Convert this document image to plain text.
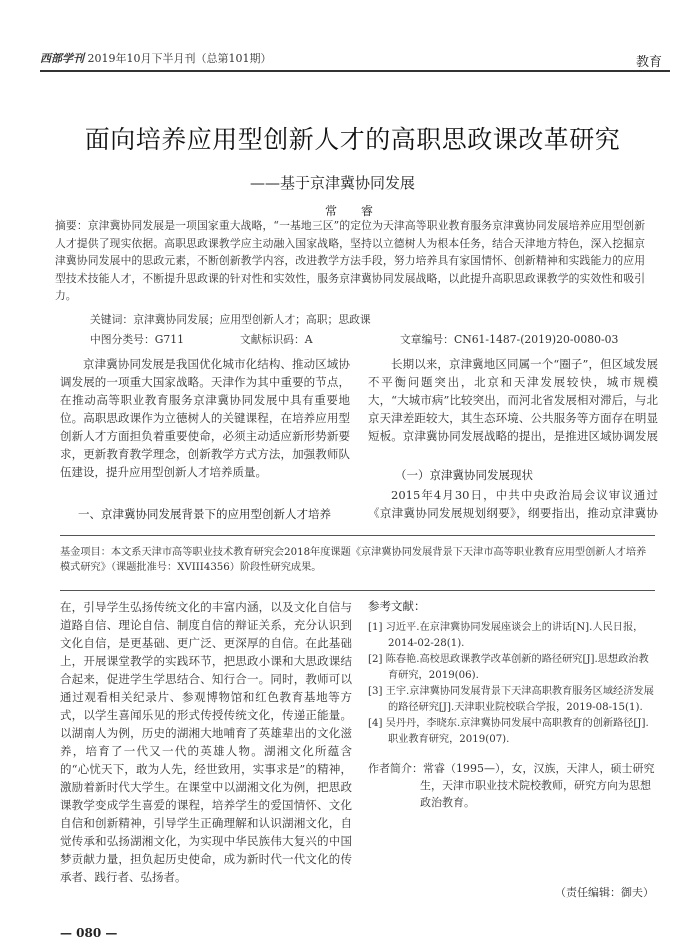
西部学刊 2019年10月下半月刊（总第101期）	教育
面向培养应用型创新人才的高职思政课改革研究
——基于京津冀协同发展
常 睿
摘要：京津冀协同发展是一项国家重大战略，“一基地三区”的定位为天津高等职业教育服务京津冀协同发展培养应用型创新人才提供了现实依据。高职思政课教学应主动融入国家战略，坚持以立德树人为根本任务，结合天津地方特色，深入挖掘京津冀协同发展中的思政元素，不断创新教学内容，改进教学方法手段，努力培养具有家国情怀、创新精神和实践能力的应用型技术技能人才，不断提升思政课的针对性和实效性，服务京津冀协同发展战略，以此提升高职思政课教学的实效性和吸引力。
关键词：京津冀协同发展；应用型创新人才；高职；思政课
中图分类号：G711	文献标识码：A	文章编号：CN61-1487-(2019)20-0080-03
京津冀协同发展是我国优化城市化结构、推动区域协调发展的一项重大国家战略。天津作为其中重要的节点，在推动高等职业教育服务京津冀协同发展中具有重要地位。高职思政课作为立德树人的关键课程，在培养应用型创新人才方面担负着重要使命，必须主动适应新形势新要求，更新教育教学理念，创新教学方式方法，加强教师队伍建设，提升应用型创新人才培养质量。
一、京津冀协同发展背景下的应用型创新人才培养
长期以来，京津冀地区同属一个“圈子”，但区域发展不平衡问题突出，北京和天津发展较快，城市规模大，“大城市病”比较突出，而河北省发展相对滞后，与北京天津差距较大，其生态环境、公共服务等方面存在明显短板。京津冀协同发展战略的提出，是推进区域协调发展
（一）京津冀协同发展现状
2015年4月30日，中共中央政治局会议审议通过《京津冀协同发展规划纲要》，纲要指出，推动京津冀协
基金项目：本文系天津市高等职业技术教育研究会2018年度课题《京津冀协同发展背景下天津市高等职业教育应用型创新人才培养模式研究》（课题批准号：XVIII4356）阶段性研究成果。
在，引导学生弘扬传统文化的丰富内涵，以及文化自信与道路自信、理论自信、制度自信的辩证关系，充分认识到文化自信，是更基础、更广泛、更深厚的自信。在此基础上，开展课堂教学的实践环节，把思政小课和大思政课结合起来，促进学生学思结合、知行合一。同时，教师可以通过观看相关纪录片、参观博物馆和红色教育基地等方式，以学生喜闻乐见的形式传授传统文化，传递正能量。以湖南人为例，历史的湖湘大地哺育了英雄辈出的文化滋养，培育了一代又一代的英雄人物。湖湘文化所蕴含的“心忧天下，敢为人先，经世致用，实事求是”的精神，激励着新时代大学生。在课堂中以湖湘文化为例，把思政课教学变成学生喜爱的课程，培养学生的爱国情怀、文化自信和创新精神，引导学生正确理解和认识湖湘文化，自觉传承和弘扬湖湘文化，为实现中华民族伟大复兴的中国梦贡献力量，担负起历史使命，成为新时代一代文化的传承者、践行者、弘扬者。
参考文献：

[1] 习近平.在京津冀协同发展座谈会上的讲话[N].人民日报，2014-02-28(1).

[2] 陈春艳.高校思政课教学改革创新的路径研究[J].思想政治教育研究，2019(06).

[3] 王宇.京津冀协同发展背景下天津高职教育服务区域经济发展的路径研究[J].天津职业院校联合学报，2019-08-15(1).

[4] 吴丹丹，李晓东.京津冀协同发展中高职教育的创新路径[J].职业教育研究，2019(07).

作者简介：常睿（1995—），女，汉族，天津人，硕士研究生，天津市职业技术院校教师，研究方向为思想政治教育。
（责任编辑：御夫）
— 080 —
